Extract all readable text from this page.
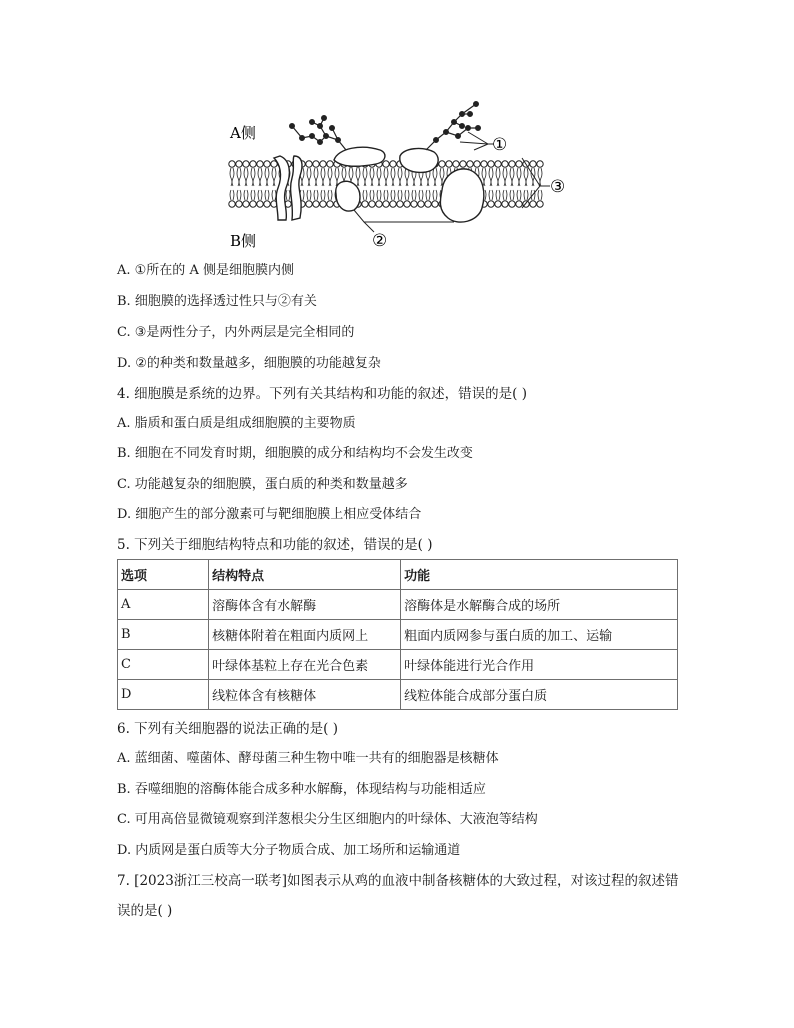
A侧
B侧
①
③
②
A. ①所在的 A 侧是细胞膜内侧
B. 细胞膜的选择透过性只与②有关
C. ③是两性分子，内外两层是完全相同的
D. ②的种类和数量越多，细胞膜的功能越复杂
4. 细胞膜是系统的边界。下列有关其结构和功能的叙述，错误的是( )
A. 脂质和蛋白质是组成细胞膜的主要物质
B. 细胞在不同发育时期，细胞膜的成分和结构均不会发生改变
C. 功能越复杂的细胞膜，蛋白质的种类和数量越多
D. 细胞产生的部分激素可与靶细胞膜上相应受体结合
5. 下列关于细胞结构特点和功能的叙述，错误的是( )
选项	结构特点	功能
A	溶酶体含有水解酶	溶酶体是水解酶合成的场所
B	核糖体附着在粗面内质网上	粗面内质网参与蛋白质的加工、运输
C	叶绿体基粒上存在光合色素	叶绿体能进行光合作用
D	线粒体含有核糖体	线粒体能合成部分蛋白质
6. 下列有关细胞器的说法正确的是( )
A. 蓝细菌、噬菌体、酵母菌三种生物中唯一共有的细胞器是核糖体
B. 吞噬细胞的溶酶体能合成多种水解酶，体现结构与功能相适应
C. 可用高倍显微镜观察到洋葱根尖分生区细胞内的叶绿体、大液泡等结构
D. 内质网是蛋白质等大分子物质合成、加工场所和运输通道
7. [2023浙江三校高一联考]如图表示从鸡的血液中制备核糖体的大致过程，对该过程的叙述错
误的是( )
